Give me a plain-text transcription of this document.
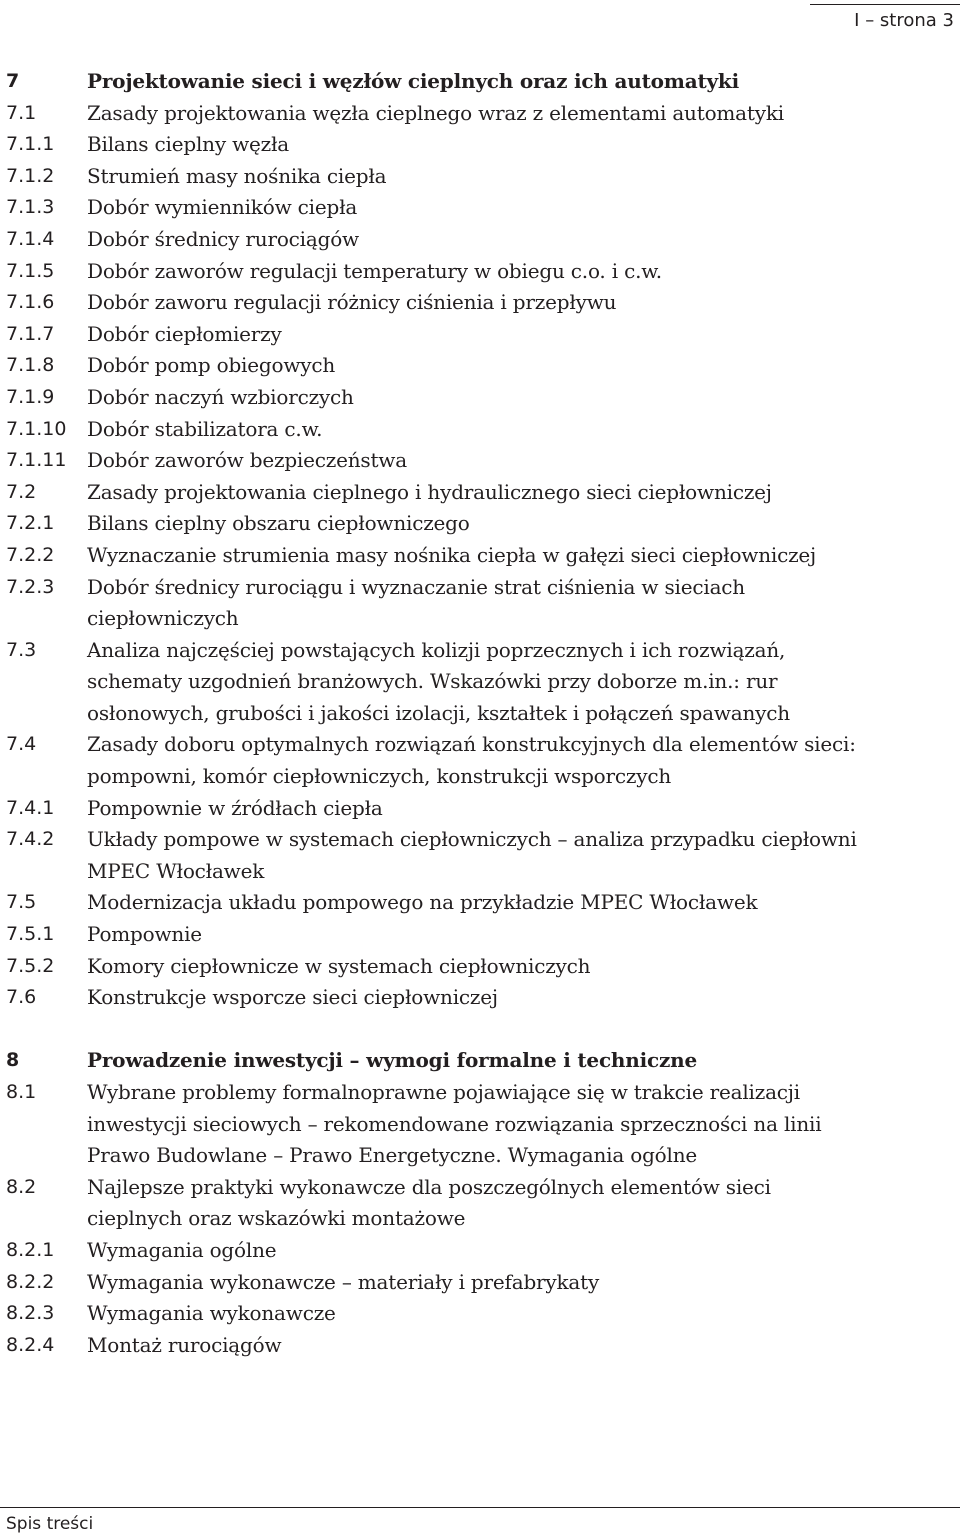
I – strona 3
7	Projektowanie sieci i węzłów cieplnych oraz ich automatyki
7.1	Zasady projektowania węzła cieplnego wraz z elementami automatyki
7.1.1	Bilans cieplny węzła
7.1.2	Strumień masy nośnika ciepła
7.1.3	Dobór wymienników ciepła
7.1.4	Dobór średnicy rurociągów
7.1.5	Dobór zaworów regulacji temperatury w obiegu c.o. i c.w.
7.1.6	Dobór zaworu regulacji różnicy ciśnienia i przepływu
7.1.7	Dobór ciepłomierzy
7.1.8	Dobór pomp obiegowych
7.1.9	Dobór naczyń wzbiorczych
7.1.10	Dobór stabilizatora c.w.
7.1.11	Dobór zaworów bezpieczeństwa
7.2	Zasady projektowania cieplnego i hydraulicznego sieci ciepłowniczej
7.2.1	Bilans cieplny obszaru ciepłowniczego
7.2.2	Wyznaczanie strumienia masy nośnika ciepła w gałęzi sieci ciepłowniczej
7.2.3	Dobór średnicy rurociągu i wyznaczanie strat ciśnienia w sieciach ciepłowniczych
7.3	Analiza najczęściej powstających kolizji poprzecznych i ich rozwiązań, schematy uzgodnień branżowych. Wskazówki przy doborze m.in.: rur osłonowych, grubości i jakości izolacji, kształtek i połączeń spawanych
7.4	Zasady doboru optymalnych rozwiązań konstrukcyjnych dla elementów sieci: pompowni, komór ciepłowniczych, konstrukcji wsporczych
7.4.1	Pompownie w źródłach ciepła
7.4.2	Układy pompowe w systemach ciepłowniczych – analiza przypadku ciepłowni MPEC Włocławek
7.5	Modernizacja układu pompowego na przykładzie MPEC Włocławek
7.5.1	Pompownie
7.5.2	Komory ciepłownicze w systemach ciepłowniczych
7.6	Konstrukcje wsporcze sieci ciepłowniczej
8	Prowadzenie inwestycji – wymogi formalne i techniczne
8.1	Wybrane problemy formalnoprawne pojawiające się w trakcie realizacji inwestycji sieciowych – rekomendowane rozwiązania sprzeczności na linii Prawo Budowlane – Prawo Energetyczne. Wymagania ogólne
8.2	Najlepsze praktyki wykonawcze dla poszczególnych elementów sieci cieplnych oraz wskazówki montażowe
8.2.1	Wymagania ogólne
8.2.2	Wymagania wykonawcze – materiały i prefabrykaty
8.2.3	Wymagania wykonawcze
8.2.4	Montaż rurociągów
Spis treści
